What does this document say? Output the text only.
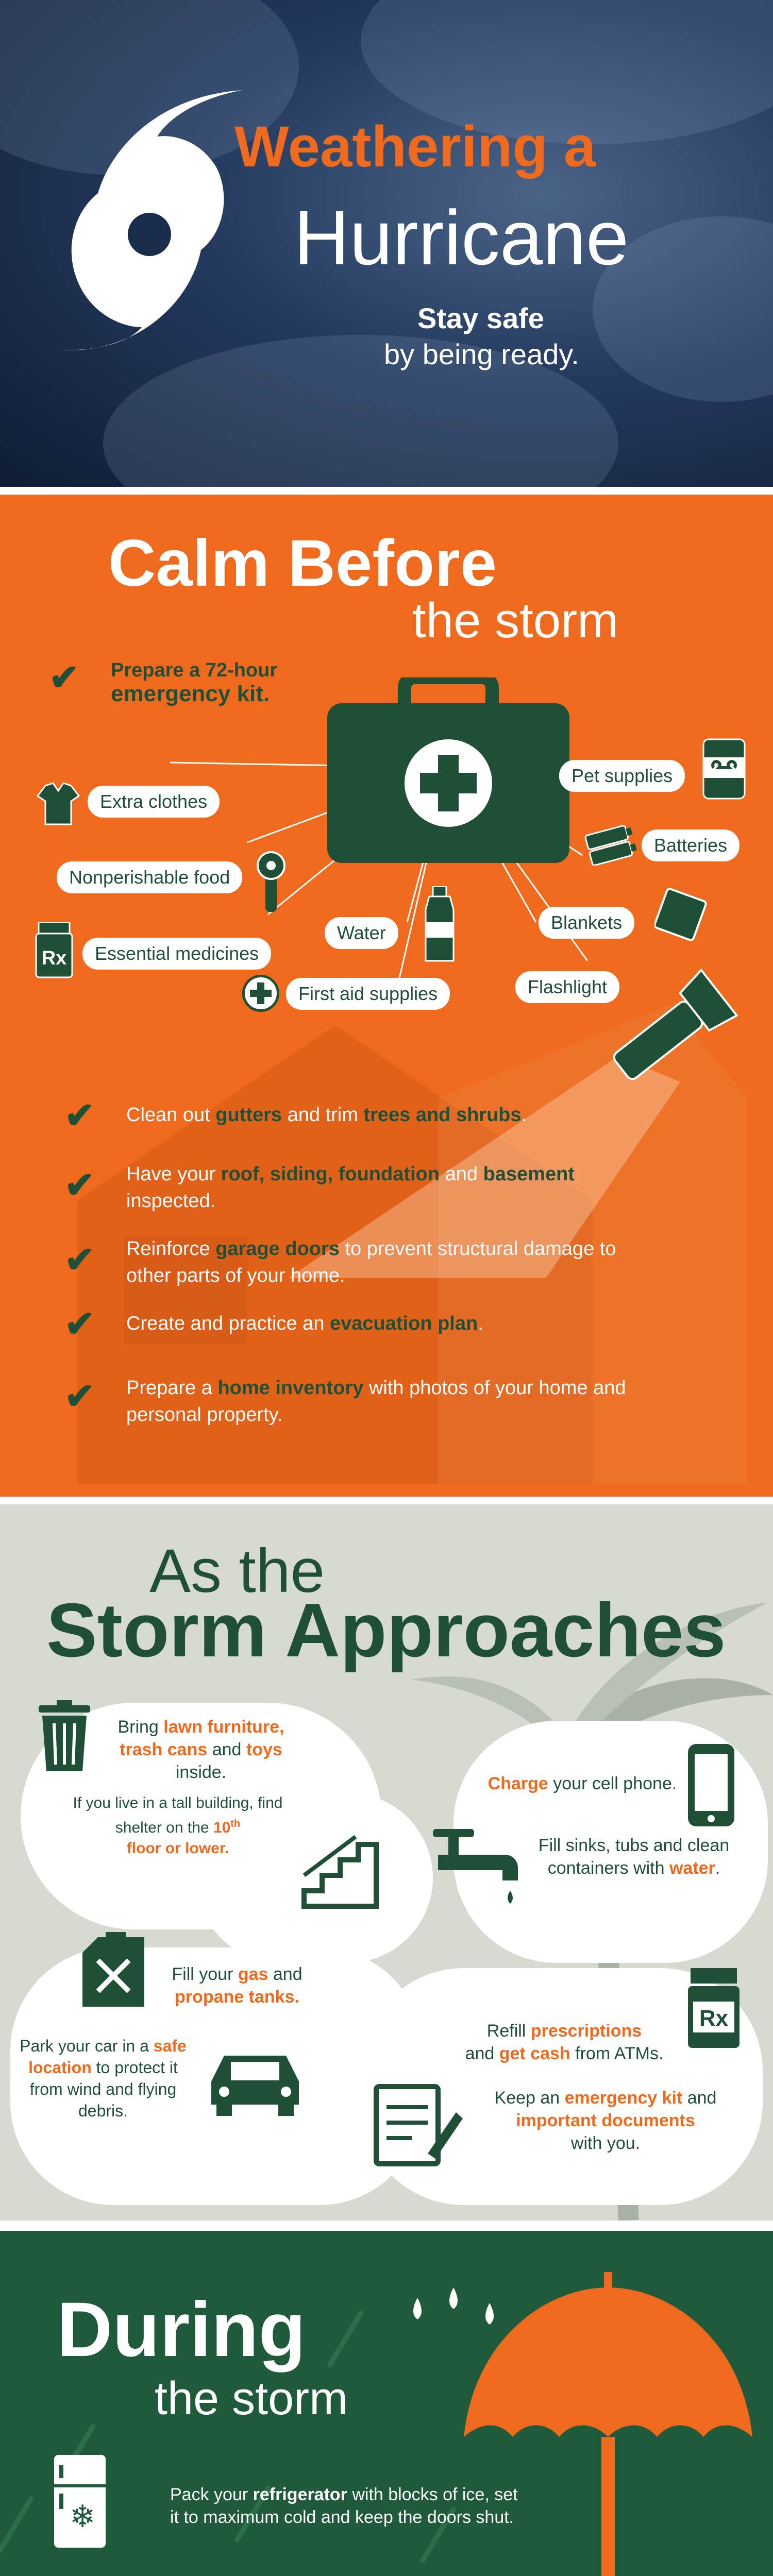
Weathering a
Hurricane
Stay safe
by being ready.
Calm Before
the storm
✔ Prepare a 72-hour
emergency kit.
Extra clothes
Nonperishable food
Rx	Essential medicines
Water
First aid supplies
Pet supplies
Batteries
Blankets
Flashlight
✔ Clean out gutters and trim trees and shrubs.
✔ Have your roof, siding, foundation and basement inspected.
✔ Reinforce garage doors to prevent structural damage to other parts of your home.
✔ Create and practice an evacuation plan.
✔ Prepare a home inventory with photos of your home and personal property.
As the
Storm Approaches
Bring lawn furniture,
trash cans and toys inside.
If you live in a tall building, find shelter on the 10th
floor or lower.
Charge your cell phone.
Fill sinks, tubs and clean containers with water.
Fill your gas and
propane tanks.
Park your car in a safe location to protect it from wind and flying debris.
Refill prescriptions
and get cash from ATMs.
Rx
Keep an emergency kit and important documents
with you.
During
the storm
❄
Pack your refrigerator with blocks of ice, set it to maximum cold and keep the doors shut.
